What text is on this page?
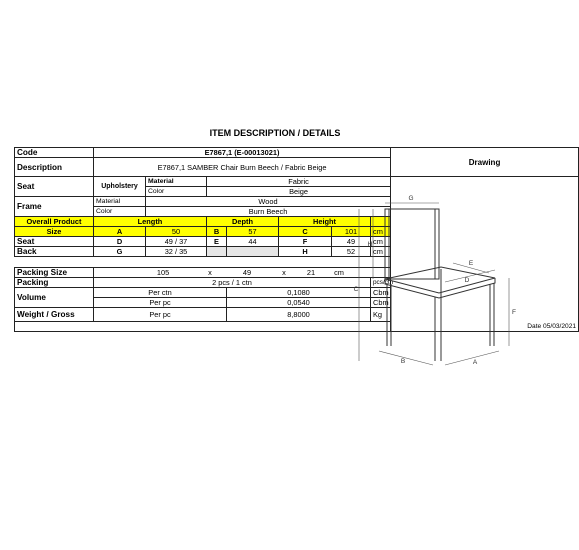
ITEM DESCRIPTION / DETAILS
Code	E7867,1 (E-00013021)							Drawing
Description	E7867,1 SAMBER Chair Burn Beech / Fabric Beige							
Seat	Upholstery	Material	Fabric					
		Color	Beige					
Frame	Material	Wood						
	Color	Burn Beech						
Overall Product	Length		Depth		Height			
Size	A	50	B	57	C	101	cm	
Seat	D	49 / 37	E	44	F	49	cm	
Back	G	32 / 35			H	52	cm	

Packing Size	105 x 49 x 21 cm							
Packing	2 pcs / 1 ctn						pcs/ctn	
Volume	Per ctn			0,1080			Cbm	
	Per pc			0,0540			Cbm	
Weight / Gross	Per pc			8,8000			Kg	
Date 05/03/2021								
G
H
C
F
B	A
D
E
